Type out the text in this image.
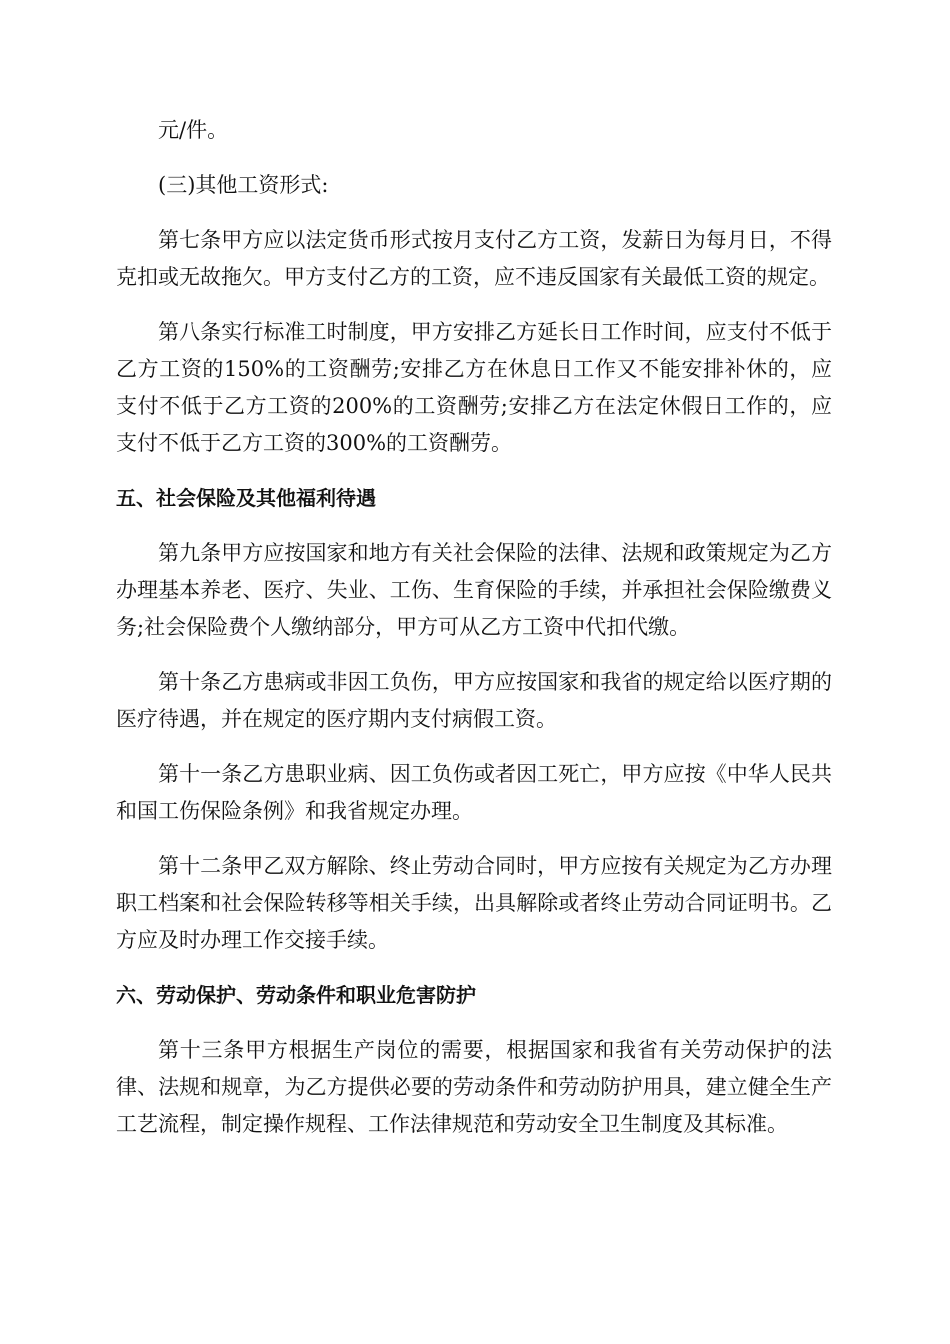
元/件。

(三)其他工资形式:

第七条甲方应以法定货币形式按月支付乙方工资，发薪日为每月日，不得克扣或无故拖欠。甲方支付乙方的工资，应不违反国家有关最低工资的规定。

第八条实行标准工时制度，甲方安排乙方延长日工作时间，应支付不低于乙方工资的150%的工资酬劳;安排乙方在休息日工作又不能安排补休的，应支付不低于乙方工资的200%的工资酬劳;安排乙方在法定休假日工作的，应支付不低于乙方工资的300%的工资酬劳。

五、社会保险及其他福利待遇

第九条甲方应按国家和地方有关社会保险的法律、法规和政策规定为乙方办理基本养老、医疗、失业、工伤、生育保险的手续，并承担社会保险缴费义务;社会保险费个人缴纳部分，甲方可从乙方工资中代扣代缴。

第十条乙方患病或非因工负伤，甲方应按国家和我省的规定给以医疗期的医疗待遇，并在规定的医疗期内支付病假工资。

第十一条乙方患职业病、因工负伤或者因工死亡，甲方应按《中华人民共和国工伤保险条例》和我省规定办理。

第十二条甲乙双方解除、终止劳动合同时，甲方应按有关规定为乙方办理职工档案和社会保险转移等相关手续，出具解除或者终止劳动合同证明书。乙方应及时办理工作交接手续。

六、劳动保护、劳动条件和职业危害防护

第十三条甲方根据生产岗位的需要，根据国家和我省有关劳动保护的法律、法规和规章，为乙方提供必要的劳动条件和劳动防护用具，建立健全生产工艺流程，制定操作规程、工作法律规范和劳动安全卫生制度及其标准。
